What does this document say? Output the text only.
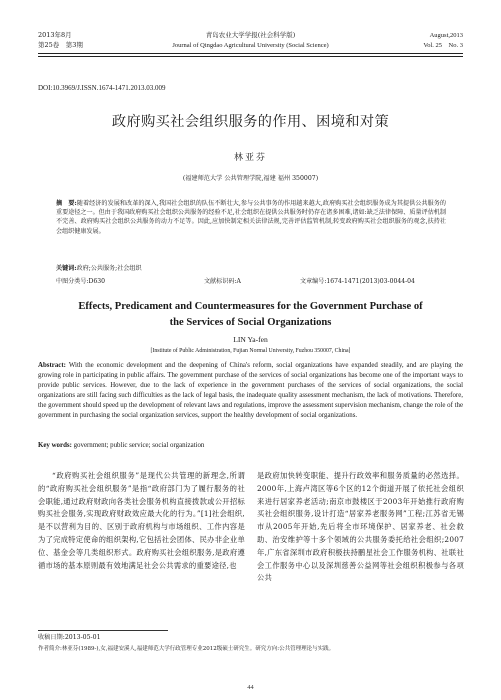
2013年8月
第25卷　第3期
青岛农业大学学报(社会科学版)
Journal of Qingdao Agricultural University (Social Science)
August,2013
Vol. 25　No. 3
DOI:10.3969/J.ISSN.1674-1471.2013.03.009
政府购买社会组织服务的作用、困境和对策
林亚芬
(福建师范大学 公共管理学院,福建 福州 350007)
摘　要:随着经济的发展和改革的深入,我国社会组织的队伍不断壮大,参与公共事务的作用越来越大,政府购买社会组织服务成为其提供公共服务的重要途径之一。但由于我国政府购买社会组织公共服务的经验不足,社会组织在提供公共服务时仍存在诸多困难,诸如:缺乏法律保障、质量评估机制不完善、政府购买社会组织公共服务的动力不足等。因此,应加快制定相关法律法规,完善评估监管机制,转变政府购买社会组织服务的观念,扶持社会组织健康发展。
关键词:政府;公共服务;社会组织
中图分类号:D630	文献标识码:A	文章编号:1674-1471(2013)03-0044-04
Effects, Predicament and Countermeasures for the Government Purchase of
the Services of Social Organizations
LIN Ya-fen
[Institute of Public Administration, Fujian Normal University, Fuzhou 350007, China]
Abstract: With the economic development and the deepening of China's reform, social organizations have expanded steadily, and are playing the growing role in participating in public affairs. The government purchase of the services of social organizations has become one of the important ways to provide public services. However, due to the lack of experience in the government purchases of the services of social organizations, the social organizations are still facing such difficulties as the lack of legal basis, the inadequate quality assessment mechanism, the lack of motivations. Therefore, the government should speed up the development of relevant laws and regulations, improve the assessment supervision mechanism, change the role of the government in purchasing the social organization services, support the healthy development of social organizations.
Key words: government; public service; social organization
“政府购买社会组织服务”是现代公共管理的新理念,所谓的“政府购买社会组织服务”是指“政府部门为了履行服务的社会职能,通过政府财政向各类社会服务机构直接拨款或公开招标购买社会服务,实现政府财政效应最大化的行为。”[1]社会组织,是不以营利为目的、区别于政府机构与市场组织、工作内容是为了完成特定使命的组织架构,它包括社会团体、民办非企业单位、基金会等几类组织形式。政府购买社会组织服务,是政府遵循市场的基本原则最有效地满足社会公共需求的重要途径,也
是政府加快转变职能、提升行政效率和服务质量的必然选择。2000年,上海卢湾区等6个区的12个街道开展了依托社会组织来进行居家养老活动;南京市鼓楼区于2003年开始推行政府购买社会组织服务,设计打造“居家养老服务网”工程;江苏省无锡市从2005年开始,先后将全市环境保护、居家养老、社会救助、治安维护等十多个领域的公共服务委托给社会组织;2007年,广东省深圳市政府积极扶持鹏星社会工作服务机构、社联社会工作服务中心以及深圳慈善公益网等社会组织积极参与各项公共
收稿日期:2013-05-01
作者简介:林亚芬(1989-),女,福建安溪人,福建师范大学行政管理专业2012级硕士研究生。研究方向:公共管理理论与实践。
44
